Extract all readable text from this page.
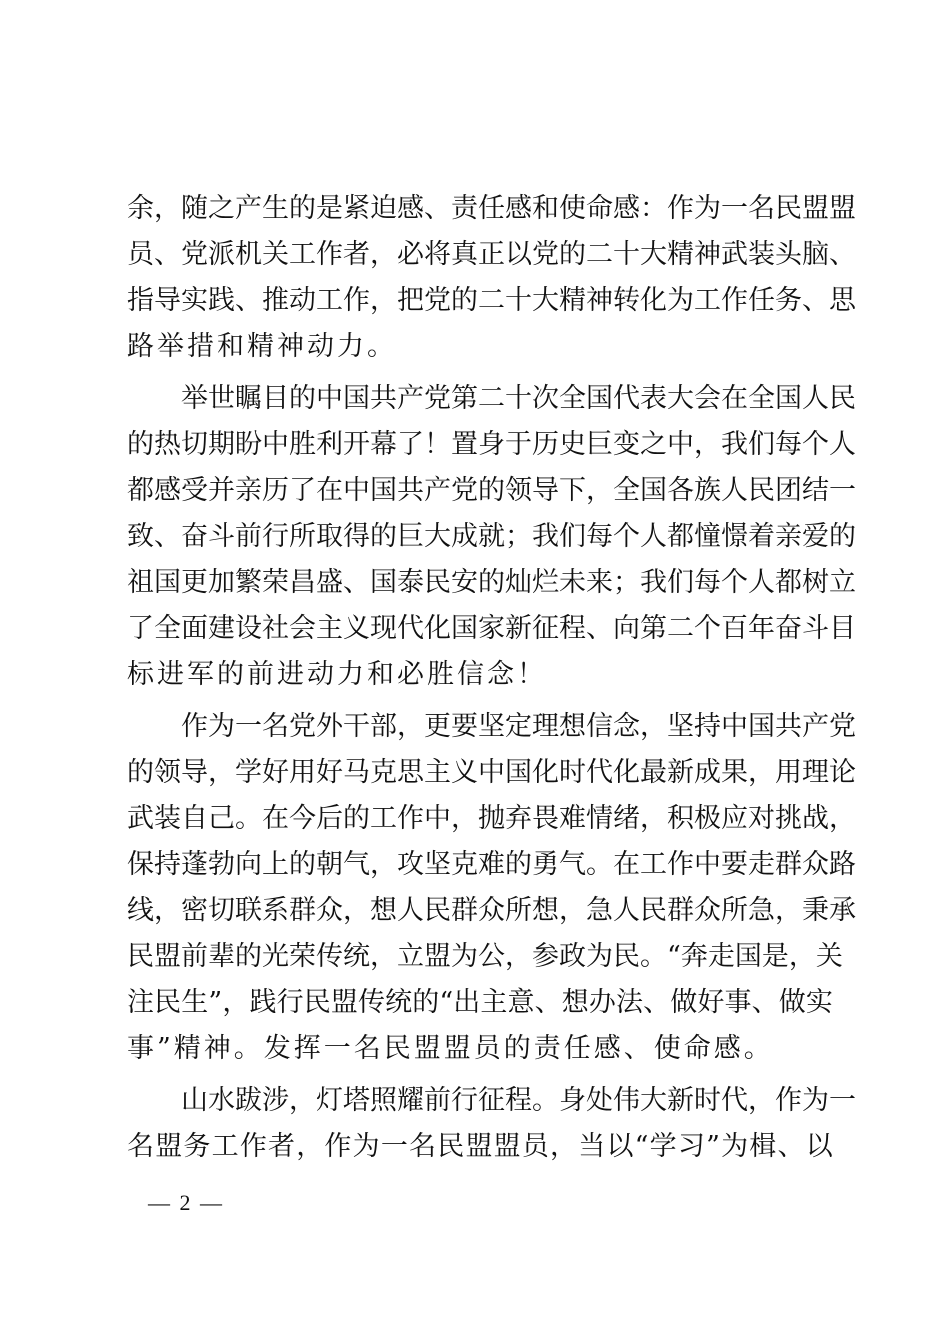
余 ， 随 之 产 生 的 是 紧 迫 感 、 责 任 感 和 使 命 感 ： 作 为 一 名 民 盟 盟
员 、 党 派 机 关 工 作 者 ， 必 将 真 正 以 党 的 二 十 大 精 神 武 装 头 脑 、
指 导 实 践 、 推 动 工 作 ， 把 党 的 二 十 大 精 神 转 化 为 工 作 任 务 、 思
路举措和精神动力。
举 世 瞩 目 的 中 国 共 产 党 第 二 十 次 全 国 代 表 大 会 在 全 国 人 民
的 热 切 期 盼 中 胜 利 开 幕 了 ！ 置 身 于 历 史 巨 变 之 中 ， 我 们 每 个 人
都 感 受 并 亲 历 了 在 中 国 共 产 党 的 领 导 下 ， 全 国 各 族 人 民 团 结 一
致 、 奋 斗 前 行 所 取 得 的 巨 大 成 就 ； 我 们 每 个 人 都 憧 憬 着 亲 爱 的
祖 国 更 加 繁 荣 昌 盛 、 国 泰 民 安 的 灿 烂 未 来 ； 我 们 每 个 人 都 树 立
了 全 面 建 设 社 会 主 义 现 代 化 国 家 新 征 程 、 向 第 二 个 百 年 奋 斗 目
标进军的前进动力和必胜信念！
作 为 一 名 党 外 干 部 ， 更 要 坚 定 理 想 信 念 ， 坚 持 中 国 共 产 党
的 领 导 ， 学 好 用 好 马 克 思 主 义 中 国 化 时 代 化 最 新 成 果 ， 用 理 论
武 装 自 己 。 在 今 后 的 工 作 中 ， 抛 弃 畏 难 情 绪 ， 积 极 应 对 挑 战 ，
保 持 蓬 勃 向 上 的 朝 气 ， 攻 坚 克 难 的 勇 气 。 在 工 作 中 要 走 群 众 路
线 ， 密 切 联 系 群 众 ， 想 人 民 群 众 所 想 ， 急 人 民 群 众 所 急 ， 秉 承
民 盟 前 辈 的 光 荣 传 统 ， 立 盟 为 公 ， 参 政 为 民 。 “ 奔 走 国 是 ， 关
注 民 生 ” ， 践 行 民 盟 传 统 的 “ 出 主 意 、 想 办 法 、 做 好 事 、 做 实
事”精神。发挥一名民盟盟员的责任感、使命感。
山 水 跋 涉 ， 灯 塔 照 耀 前 行 征 程 。 身 处 伟 大 新 时 代 ， 作 为 一
名 盟 务 工 作 者 ， 作 为 一 名 民 盟 盟 员 ， 当 以 “ 学 习 ” 为 楫 、 以
— 2 —
